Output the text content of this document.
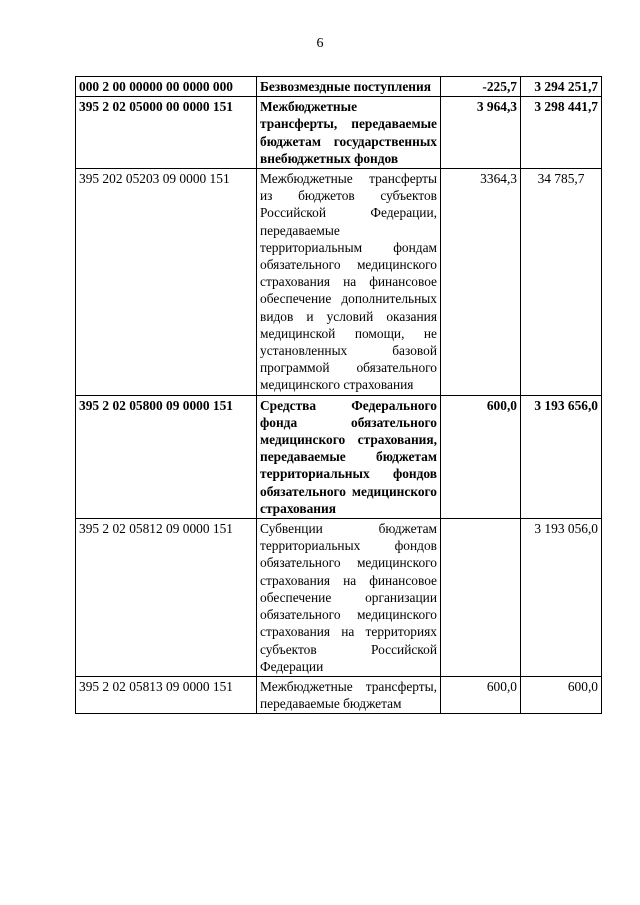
6
000 2 00 00000 00 0000 000	Безвозмездные поступления	-225,7	3 294 251,7
395 2 02 05000 00 0000 151	Межбюджетные трансферты, передаваемые бюджетам государственных внебюджетных фондов	3 964,3	3 298 441,7
395 202 05203 09 0000 151	Межбюджетные трансферты из бюджетов субъектов Российской Федерации, передаваемые территориальным фондам обязательного медицинского страхования на финансовое обеспечение дополнительных видов и условий оказания медицинской помощи, не установленных базовой программой обязательного медицинского страхования	3364,3	34 785,7
395 2 02 05800 09 0000 151	Средства Федерального фонда обязательного медицинского страхования, передаваемые бюджетам территориальных фондов обязательного медицинского страхования	600,0	3 193 656,0
395 2 02 05812 09 0000 151	Субвенции бюджетам территориальных фондов обязательного медицинского страхования на финансовое обеспечение организации обязательного медицинского страхования на территориях субъектов Российской Федерации		3 193 056,0
395 2 02 05813 09 0000 151	Межбюджетные трансферты, передаваемые бюджетам	600,0	600,0
